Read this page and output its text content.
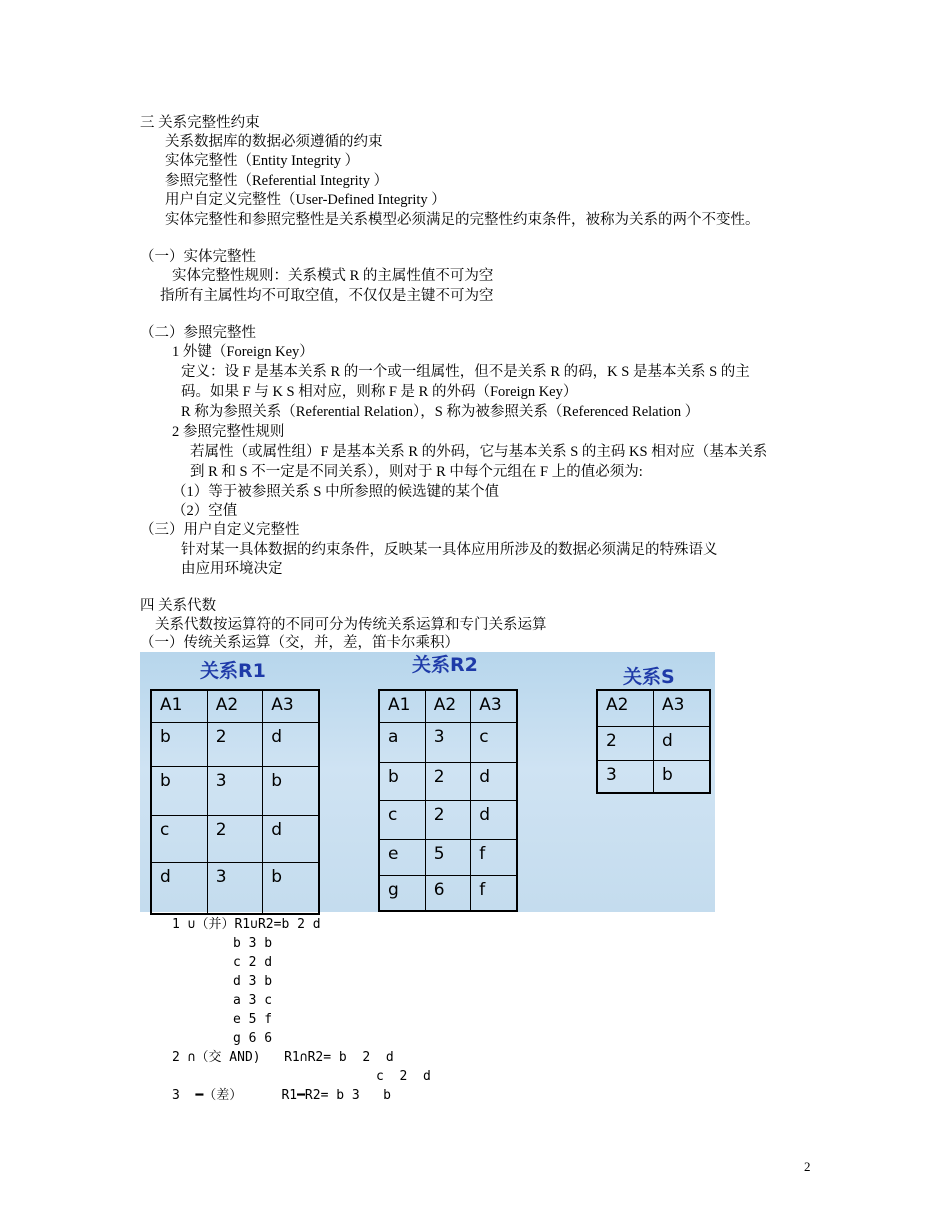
三 关系完整性约束
关系数据库的数据必须遵循的约束
实体完整性（Entity Integrity ）
参照完整性（Referential Integrity ）
用户自定义完整性（User-Defined Integrity ）
实体完整性和参照完整性是关系模型必须满足的完整性约束条件，被称为关系的两个不变性。
（一）实体完整性
实体完整性规则：关系模式 R 的主属性值不可为空
指所有主属性均不可取空值，不仅仅是主键不可为空
（二）参照完整性
1 外键（Foreign Key）
定义：设 F 是基本关系 R 的一个或一组属性，但不是关系 R 的码，K S 是基本关系 S 的主
码。如果 F 与 K S 相对应，则称 F 是 R 的外码（Foreign Key）
R 称为参照关系（Referential Relation），S 称为被参照关系（Referenced Relation ）
2 参照完整性规则
若属性（或属性组）F 是基本关系 R 的外码，它与基本关系 S 的主码 KS 相对应（基本关系
到 R 和 S 不一定是不同关系），则对于 R 中每个元组在 F 上的值必须为:
（1）等于被参照关系 S 中所参照的候选键的某个值
（2）空值
（三）用户自定义完整性
针对某一具体数据的约束条件，反映某一具体应用所涉及的数据必须满足的特殊语义
由应用环境决定
四 关系代数
关系代数按运算符的不同可分为传统关系运算和专门关系运算
（一）传统关系运算（交，并，差，笛卡尔乘积）
关系R1	关系R2
关系S
A1	A2	A3
b	2	d
b	3	b
c	2	d
d	3	b
A1	A2	A3
a	3	c
b	2	d
c	2	d
e	5	f
g	6	f
A2	A3
2	d
3	b
1 ∪（并）R1∪R2=b 2 d
b 3 b
c 2 d
d 3 b
a 3 c
e 5 f
g 6 6
2 ∩（交 AND)   R1∩R2= b  2  d
c  2  d
3  ━（差）     R1━R2= b 3   b
2
